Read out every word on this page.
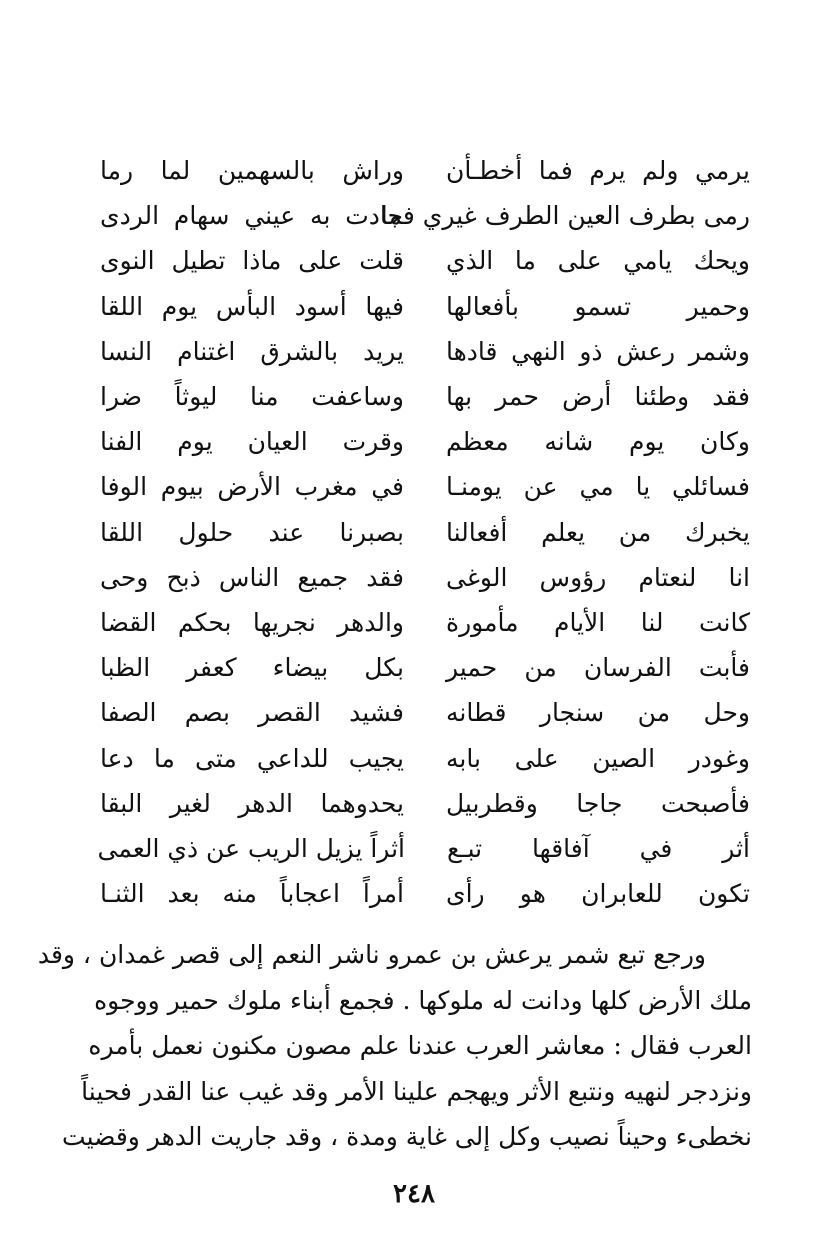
يرمي ولم يرم فما أخطـأن
وراش بالسهمين لما رما
رمى بطرف العين الطرف غيري فما
جادت به عيني سهام الردى
ويحك يامي على ما الذي
قلت على ماذا تطيل النوى
وحمير تسمو بأفعالها
فيها أسود البأس يوم اللقا
وشمر رعش ذو النهي قادها
يريد بالشرق اغتنام النسا
فقد وطئنا أرض حمر بها
وساعفت منا ليوثاً ضرا
وكان يوم شانه معظم
وقرت العيان يوم الفنا
فسائلي يا مي عن يومنـا
في مغرب الأرض بيوم الوفا
يخبرك من يعلم أفعالنا
بصبرنا عند حلول اللقا
انا لنعتام رؤوس الوغى
فقد جميع الناس ذبح وحى
كانت لنا الأيام مأمورة
والدهر نجريها بحكم القضا
فأبت الفرسان من حمير
بكل بيضاء كعفر الظبا
وحل من سنجار قطانه
فشيد القصر بصم الصفا
وغودر الصين على بابه
يجيب للداعي متى ما دعا
فأصبحت جاجا وقطربيل
يحدوهما الدهر لغير البقا
أثر في آفاقها تبـع
أثراً يزيل الريب عن ذي العمى
تكون للعابران هو رأى
أمراً اعجاباً منه بعد الثنـا
ورجع تبع شمر يرعش بن عمرو ناشر النعم إلى قصر غمدان ، وقد
ملك الأرض كلها ودانت له ملوكها . فجمع أبناء ملوك حمير ووجوه
العرب فقال : معاشر العرب عندنا علم مصون مكنون نعمل بأمره
ونزدجر لنهيه ونتبع الأثر ويهجم علينا الأمر وقد غيب عنا القدر فحيناً
نخطىء وحيناً نصيب وكل إلى غاية ومدة ، وقد جاريت الدهر وقضيت
٢٤٨
